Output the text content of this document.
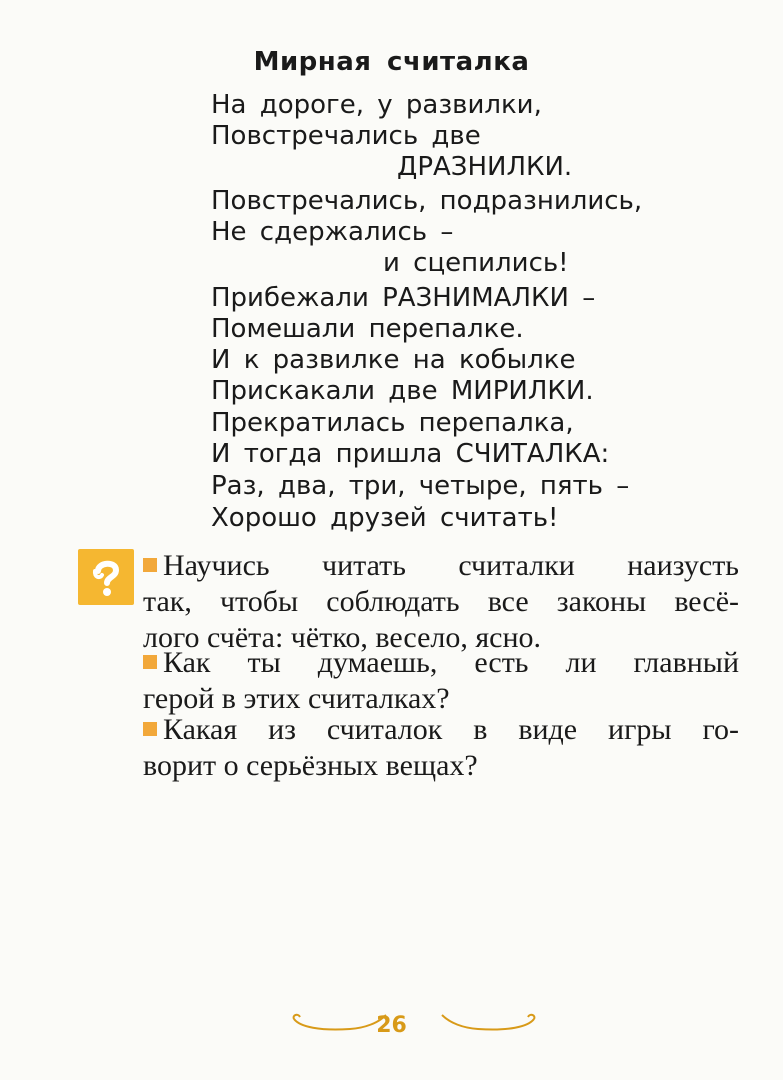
Мирная считалка
На дороге, у развилки,
Повстречались две
ДРАЗНИЛКИ.
Повстречались, подразнились,
Не сдержались –
и сцепились!
Прибежали РАЗНИМАЛКИ –
Помешали перепалке.
И к развилке на кобылке
Прискакали две МИРИЛКИ.
Прекратилась перепалка,
И тогда пришла СЧИТАЛКА:
Раз, два, три, четыре, пять –
Хорошо друзей считать!
Научись читать считалки наизусть
так, чтобы соблюдать все законы весё-
лого счёта: чётко, весело, ясно.
Как ты думаешь, есть ли главный
герой в этих считалках?
Какая из считалок в виде игры го-
ворит о серьёзных вещах?
26
